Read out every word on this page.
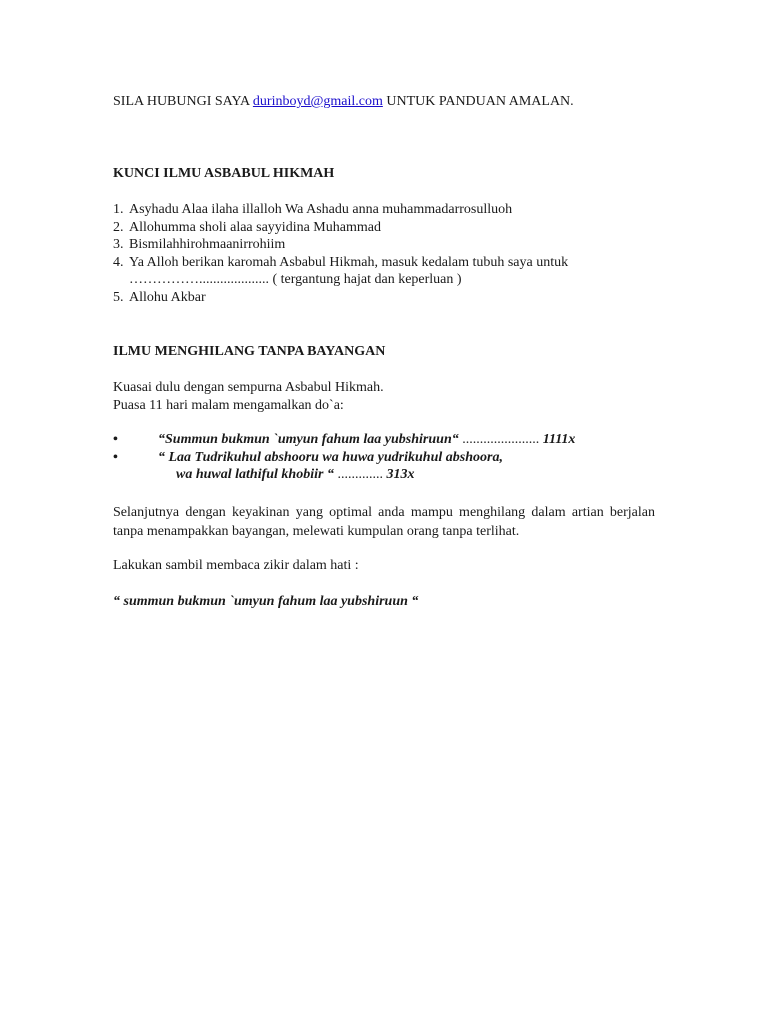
SILA HUBUNGI SAYA durinboyd@gmail.com UNTUK PANDUAN AMALAN.
KUNCI ILMU ASBABUL HIKMAH
1. Asyhadu Alaa ilaha illalloh Wa Ashadu anna muhammadarrosulluoh
2. Allohumma sholi alaa sayyidina Muhammad
3. Bismilahhirohmaanirrohiim
4. Ya Alloh berikan karomah Asbabul Hikmah, masuk kedalam tubuh saya untuk
…………….................... ( tergantung hajat dan keperluan )
5. Allohu Akbar
ILMU MENGHILANG TANPA BAYANGAN
Kuasai dulu dengan sempurna Asbabul Hikmah.
Puasa 11 hari malam mengamalkan do`a:
•	“Summun bukmun `umyun fahum laa yubshiruun“ ...................... 1111x
•	“ Laa Tudrikuhul abshooru wa huwa yudrikuhul abshoora,
wa huwal lathiful khobiir “ ............. 313x
Selanjutnya dengan keyakinan yang optimal anda mampu menghilang dalam artian berjalan tanpa menampakkan bayangan, melewati kumpulan orang tanpa terlihat.
Lakukan sambil membaca zikir dalam hati :
“ summun bukmun `umyun fahum laa yubshiruun “
